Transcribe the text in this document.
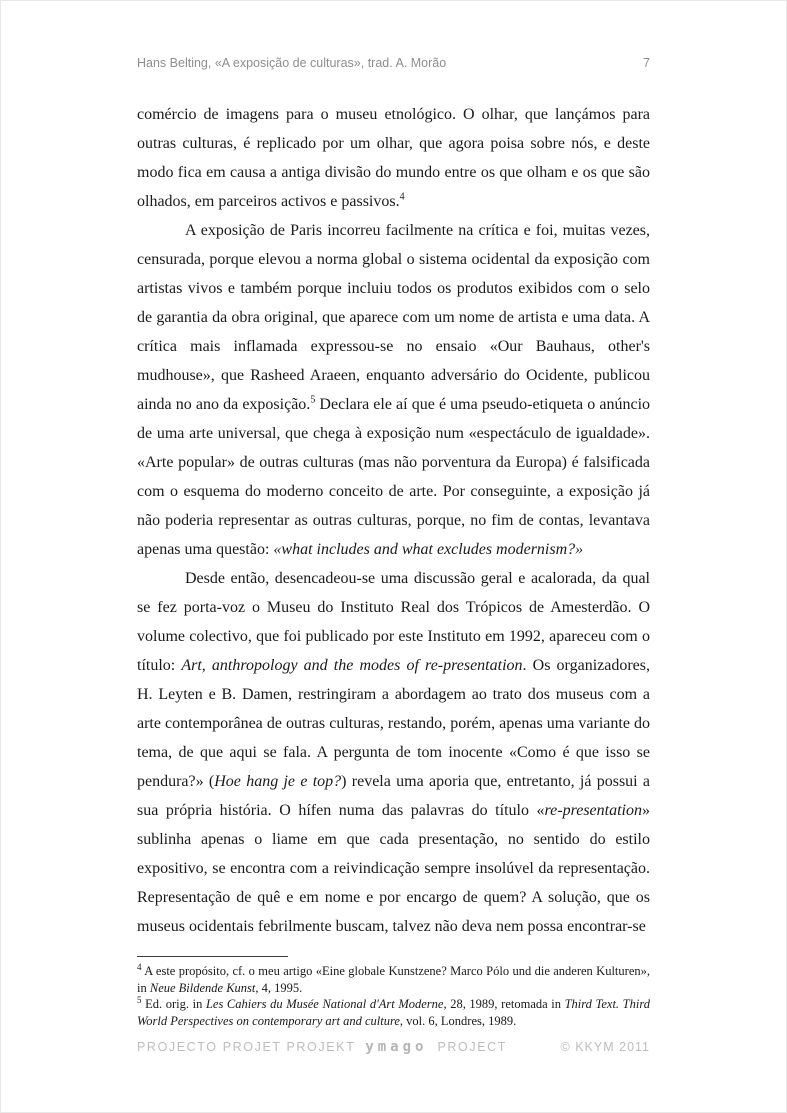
Hans Belting, «A exposição de culturas», trad. A. Morão	7

comércio de imagens para o museu etnológico. O olhar, que lançámos para outras culturas, é replicado por um olhar, que agora poisa sobre nós, e deste modo fica em causa a antiga divisão do mundo entre os que olham e os que são olhados, em parceiros activos e passivos.$^4$

A exposição de Paris incorreu facilmente na crítica e foi, muitas vezes, censurada, porque elevou a norma global o sistema ocidental da exposição com artistas vivos e também porque incluiu todos os produtos exibidos com o selo de garantia da obra original, que aparece com um nome de artista e uma data. A crítica mais inflamada expressou-se no ensaio «Our Bauhaus, other's mudhouse», que Rasheed Araeen, enquanto adversário do Ocidente, publicou ainda no ano da exposição.$^5$ Declara ele aí que é uma pseudo-etiqueta o anúncio de uma arte universal, que chega à exposição num «espectáculo de igualdade». «Arte popular» de outras culturas (mas não porventura da Europa) é falsificada com o esquema do moderno conceito de arte. Por conseguinte, a exposição já não poderia representar as outras culturas, porque, no fim de contas, levantava apenas uma questão: «what includes and what excludes modernism?»

Desde então, desencadeou-se uma discussão geral e acalorada, da qual se fez porta-voz o Museu do Instituto Real dos Trópicos de Amesterdão. O volume colectivo, que foi publicado por este Instituto em 1992, apareceu com o título: Art, anthropology and the modes of re-presentation. Os organizadores, H. Leyten e B. Damen, restringiram a abordagem ao trato dos museus com a arte contemporânea de outras culturas, restando, porém, apenas uma variante do tema, de que aqui se fala. A pergunta de tom inocente «Como é que isso se pendura?» (Hoe hang je e top?) revela uma aporia que, entretanto, já possui a sua própria história. O hífen numa das palavras do título «re-presentation» sublinha apenas o liame em que cada presentação, no sentido do estilo expositivo, se encontra com a reivindicação sempre insolúvel da representação. Representação de quê e em nome e por encargo de quem? A solução, que os museus ocidentais febrilmente buscam, talvez não deva nem possa encontrar-se

$^4$ A este propósito, cf. o meu artigo «Eine globale Kunstzene? Marco Pólo und die anderen Kulturen», in Neue Bildende Kunst, 4, 1995.

$^5$ Ed. orig. in Les Cahiers du Musée National d'Art Moderne, 28, 1989, retomada in Third Text. Third World Perspectives on contemporary art and culture, vol. 6, Londres, 1989.

PROJECTO PROJET PROJEKT ymago PROJECT	© KKYM 2011
